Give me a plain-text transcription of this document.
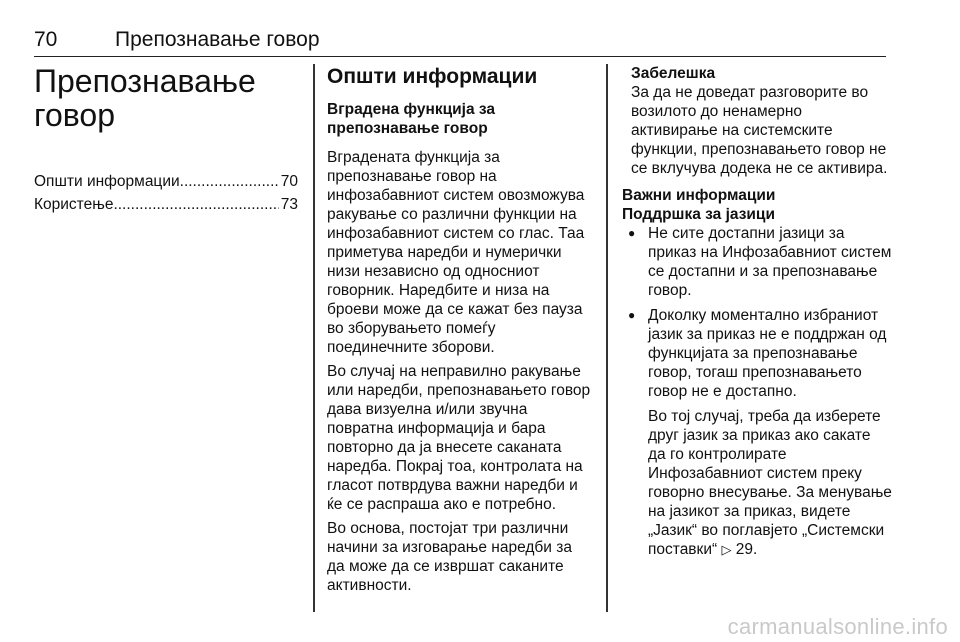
70	Препознавање говор
Препознавање говор
Општи информации .....	70
Користење .....	73
Општи информации
Вградена функција за препознавање говор

Вградената функција за препознавање говор на инфозабавниот систем овозможува ракување со различни функции на инфозабавниот систем со глас. Таа приметува наредби и нумерички низи независно од односниот говорник. Наредбите и низа на броеви може да се кажат без пауза во зборувањето помеѓу поединечните зборови.

Во случај на неправилно ракување или наредби, препознавањето говор дава визуелна и/или звучна повратна информација и бара повторно да ја внесете саканата наредба. Покрај тоа, контролата на гласот потврдува важни наредби и ќе се распраша ако е потребно.

Во основа, постојат три различни начини за изговарање наредби за да може да се извршат саканите активности.

Забелешка

За да не доведат разговорите во возилото до ненамерно активирање на системските функции, препознавањето говор не се вклучува додека не се активира.

Важни информации

Поддршка за јазици

● Не сите достапни јазици за приказ на Инфозабавниот систем се достапни и за препознавање говор.
● Доколку моментално избраниот јазик за приказ не е поддржан од функцијата за препознавање говор, тогаш препознавањето говор не е достапно.

Во тој случај, треба да изберете друг јазик за приказ ако сакате да го контролирате Инфозабавниот систем преку говорно внесување. За менување на јазикот за приказ, видете „Јазик“ во поглавјето „Системски поставки“ ▷ 29.

carmanualsonline.info
